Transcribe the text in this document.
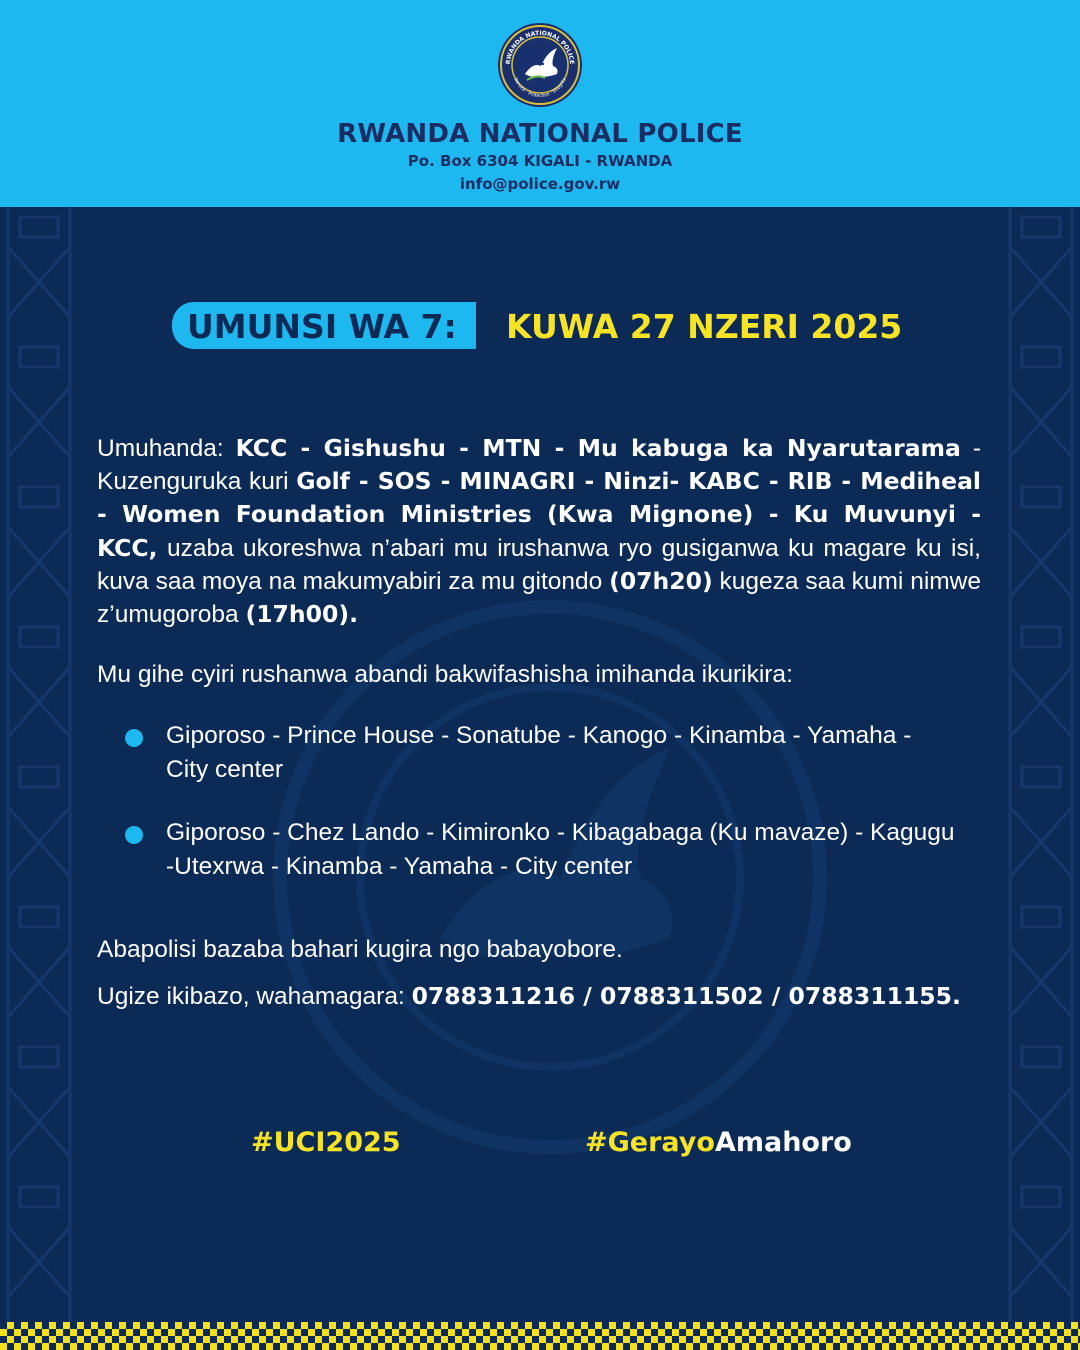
RWANDA NATIONAL POLICE
Service · Protection · Integrity
RWANDA NATIONAL POLICE
Po. Box 6304 KIGALI - RWANDA
info@police.gov.rw
UMUNSI WA 7: KUWA 27 NZERI 2025
Umuhanda: KCC - Gishushu - MTN - Mu kabuga ka Nyarutarama - Kuzenguruka kuri Golf - SOS - MINAGRI - Ninzi- KABC - RIB - Mediheal - Women Foundation Ministries (Kwa Mignone) - Ku Muvunyi - KCC, uzaba ukoreshwa n’abari mu irushanwa ryo gusiganwa ku magare ku isi, kuva saa moya na makumyabiri za mu gitondo (07h20) kugeza saa kumi nimwe z’umugoroba (17h00).
Mu gihe cyiri rushanwa abandi bakwifashisha imihanda ikurikira:
Giporoso - Prince House - Sonatube - Kanogo - Kinamba - Yamaha -
City center
Giporoso - Chez Lando - Kimironko - Kibagabaga (Ku mavaze) - Kagugu
-Utexrwa - Kinamba - Yamaha - City center
Abapolisi bazaba bahari kugira ngo babayobore.
Ugize ikibazo, wahamagara: 0788311216 / 0788311502 / 0788311155.
#UCI2025	#GerayoAmahoro
